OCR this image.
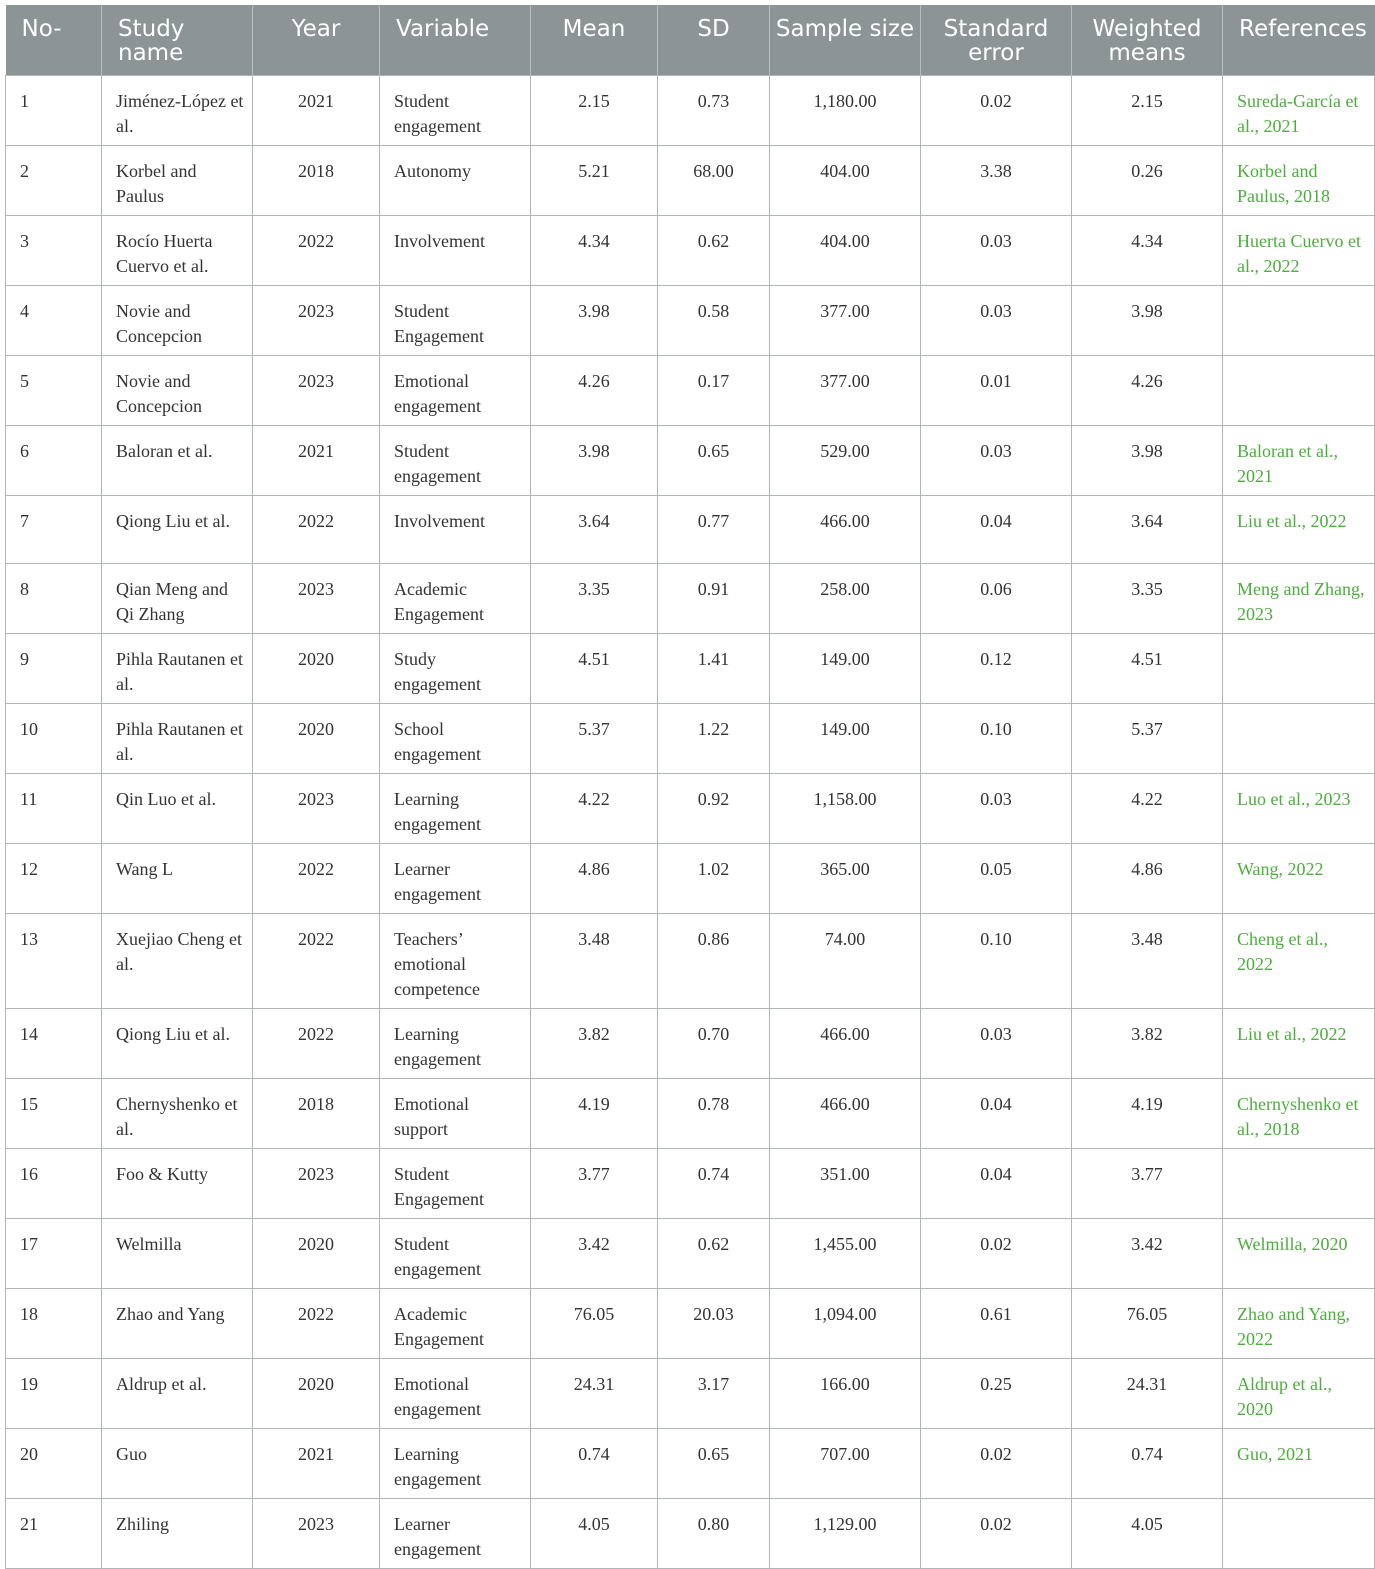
No-	Study name	Year	Variable	Mean	SD	Sample size	Standard error	Weighted means	References
1	Jiménez-López et al.	2021	Student engagement	2.15	0.73	1,180.00	0.02	2.15	Sureda-García et al., 2021
2	Korbel and Paulus	2018	Autonomy	5.21	68.00	404.00	3.38	0.26	Korbel and Paulus, 2018
3	Rocío Huerta Cuervo et al.	2022	Involvement	4.34	0.62	404.00	0.03	4.34	Huerta Cuervo et al., 2022
4	Novie and Concepcion	2023	Student Engagement	3.98	0.58	377.00	0.03	3.98	
5	Novie and Concepcion	2023	Emotional engagement	4.26	0.17	377.00	0.01	4.26	
6	Baloran et al.	2021	Student engagement	3.98	0.65	529.00	0.03	3.98	Baloran et al., 2021
7	Qiong Liu et al.	2022	Involvement	3.64	0.77	466.00	0.04	3.64	Liu et al., 2022
8	Qian Meng and Qi Zhang	2023	Academic Engagement	3.35	0.91	258.00	0.06	3.35	Meng and Zhang, 2023
9	Pihla Rautanen et al.	2020	Study engagement	4.51	1.41	149.00	0.12	4.51	
10	Pihla Rautanen et al.	2020	School engagement	5.37	1.22	149.00	0.10	5.37	
11	Qin Luo et al.	2023	Learning engagement	4.22	0.92	1,158.00	0.03	4.22	Luo et al., 2023
12	Wang L	2022	Learner engagement	4.86	1.02	365.00	0.05	4.86	Wang, 2022
13	Xuejiao Cheng et al.	2022	Teachers’ emotional competence	3.48	0.86	74.00	0.10	3.48	Cheng et al., 2022
14	Qiong Liu et al.	2022	Learning engagement	3.82	0.70	466.00	0.03	3.82	Liu et al., 2022
15	Chernyshenko et al.	2018	Emotional support	4.19	0.78	466.00	0.04	4.19	Chernyshenko et al., 2018
16	Foo & Kutty	2023	Student Engagement	3.77	0.74	351.00	0.04	3.77	
17	Welmilla	2020	Student engagement	3.42	0.62	1,455.00	0.02	3.42	Welmilla, 2020
18	Zhao and Yang	2022	Academic Engagement	76.05	20.03	1,094.00	0.61	76.05	Zhao and Yang, 2022
19	Aldrup et al.	2020	Emotional engagement	24.31	3.17	166.00	0.25	24.31	Aldrup et al., 2020
20	Guo	2021	Learning engagement	0.74	0.65	707.00	0.02	0.74	Guo, 2021
21	Zhiling	2023	Learner engagement	4.05	0.80	1,129.00	0.02	4.05	
